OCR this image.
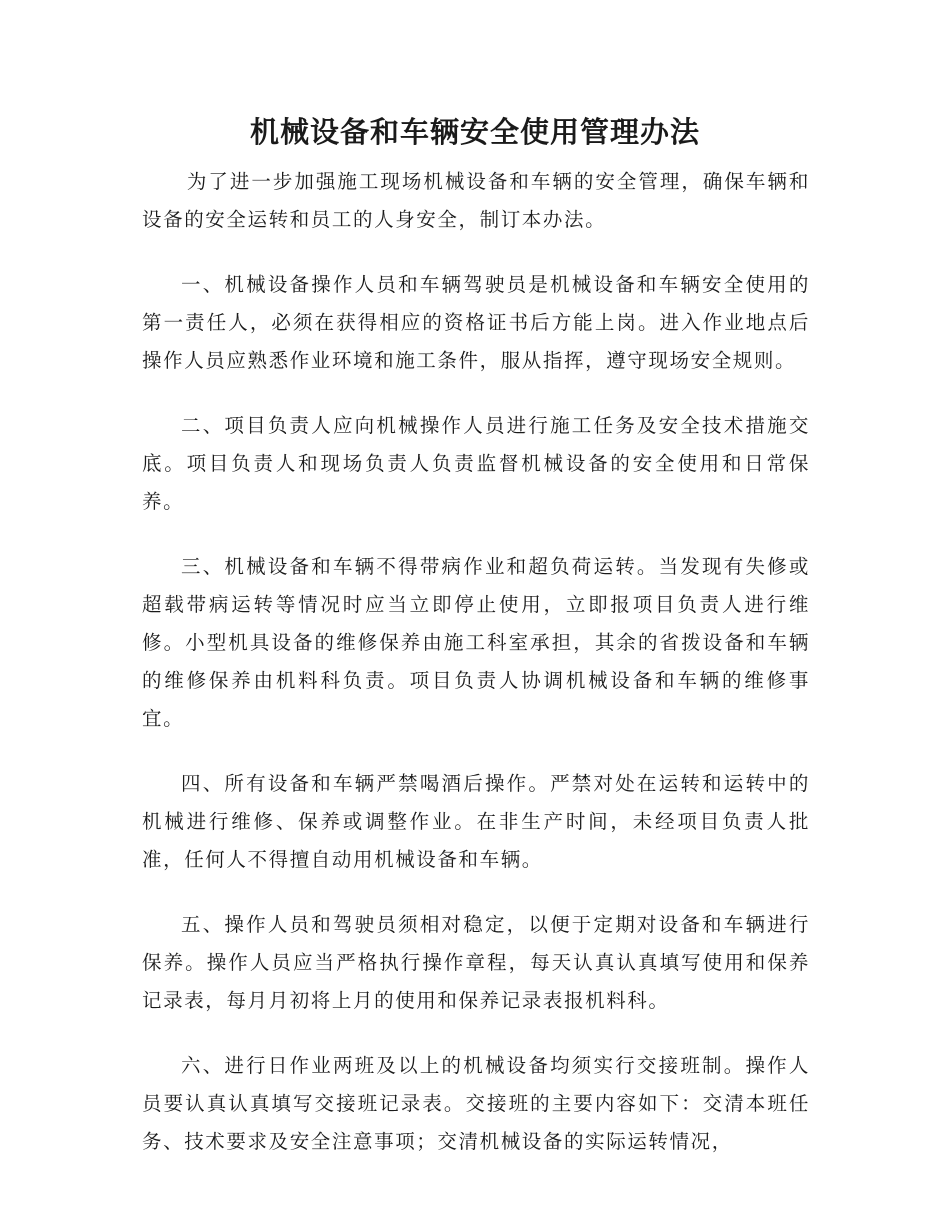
机械设备和车辆安全使用管理办法

为了进一步加强施工现场机械设备和车辆的安全管理，确保车辆和设备的安全运转和员工的人身安全，制订本办法。

一、机械设备操作人员和车辆驾驶员是机械设备和车辆安全使用的第一责任人，必须在获得相应的资格证书后方能上岗。进入作业地点后操作人员应熟悉作业环境和施工条件，服从指挥，遵守现场安全规则。

二、项目负责人应向机械操作人员进行施工任务及安全技术措施交底。项目负责人和现场负责人负责监督机械设备的安全使用和日常保养。

三、机械设备和车辆不得带病作业和超负荷运转。当发现有失修或超载带病运转等情况时应当立即停止使用，立即报项目负责人进行维修。小型机具设备的维修保养由施工科室承担，其余的省拨设备和车辆的维修保养由机料科负责。项目负责人协调机械设备和车辆的维修事宜。

四、所有设备和车辆严禁喝酒后操作。严禁对处在运转和运转中的机械进行维修、保养或调整作业。在非生产时间，未经项目负责人批准，任何人不得擅自动用机械设备和车辆。

五、操作人员和驾驶员须相对稳定，以便于定期对设备和车辆进行保养。操作人员应当严格执行操作章程，每天认真认真填写使用和保养记录表，每月月初将上月的使用和保养记录表报机料科。

六、进行日作业两班及以上的机械设备均须实行交接班制。操作人员要认真认真填写交接班记录表。交接班的主要内容如下：交清本班任务、技术要求及安全注意事项；交清机械设备的实际运转情况，
